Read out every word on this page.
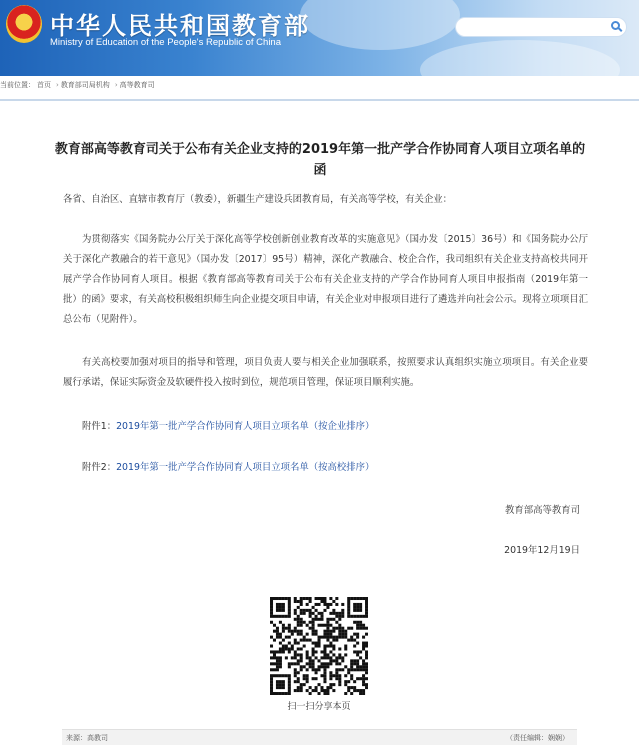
中华人民共和国教育部
Ministry of Education of the People's Republic of China
当前位置： 首页 › 教育部司局机构 › 高等教育司
教育部高等教育司关于公布有关企业支持的2019年第一批产学合作协同育人项目立项名单的函
各省、自治区、直辖市教育厅（教委），新疆生产建设兵团教育局，有关高等学校，有关企业：
为贯彻落实《国务院办公厅关于深化高等学校创新创业教育改革的实施意见》（国办发〔2015〕36号）和《国务院办公厅关于深化产教融合的若干意见》（国办发〔2017〕95号）精神，深化产教融合、校企合作，我司组织有关企业支持高校共同开展产学合作协同育人项目。根据《教育部高等教育司关于公布有关企业支持的产学合作协同育人项目申报指南（2019年第一批）的函》要求，有关高校积极组织师生向企业提交项目申请，有关企业对申报项目进行了遴选并向社会公示。现将立项项目汇总公布（见附件）。
有关高校要加强对项目的指导和管理，项目负责人要与相关企业加强联系，按照要求认真组织实施立项项目。有关企业要履行承诺，保证实际资金及软硬件投入按时到位，规范项目管理，保证项目顺利实施。
附件1：2019年第一批产学合作协同育人项目立项名单（按企业排序）
附件2：2019年第一批产学合作协同育人项目立项名单（按高校排序）
教育部高等教育司
2019年12月19日
扫一扫分享本页
来源：高教司	（责任编辑：娴娴）
